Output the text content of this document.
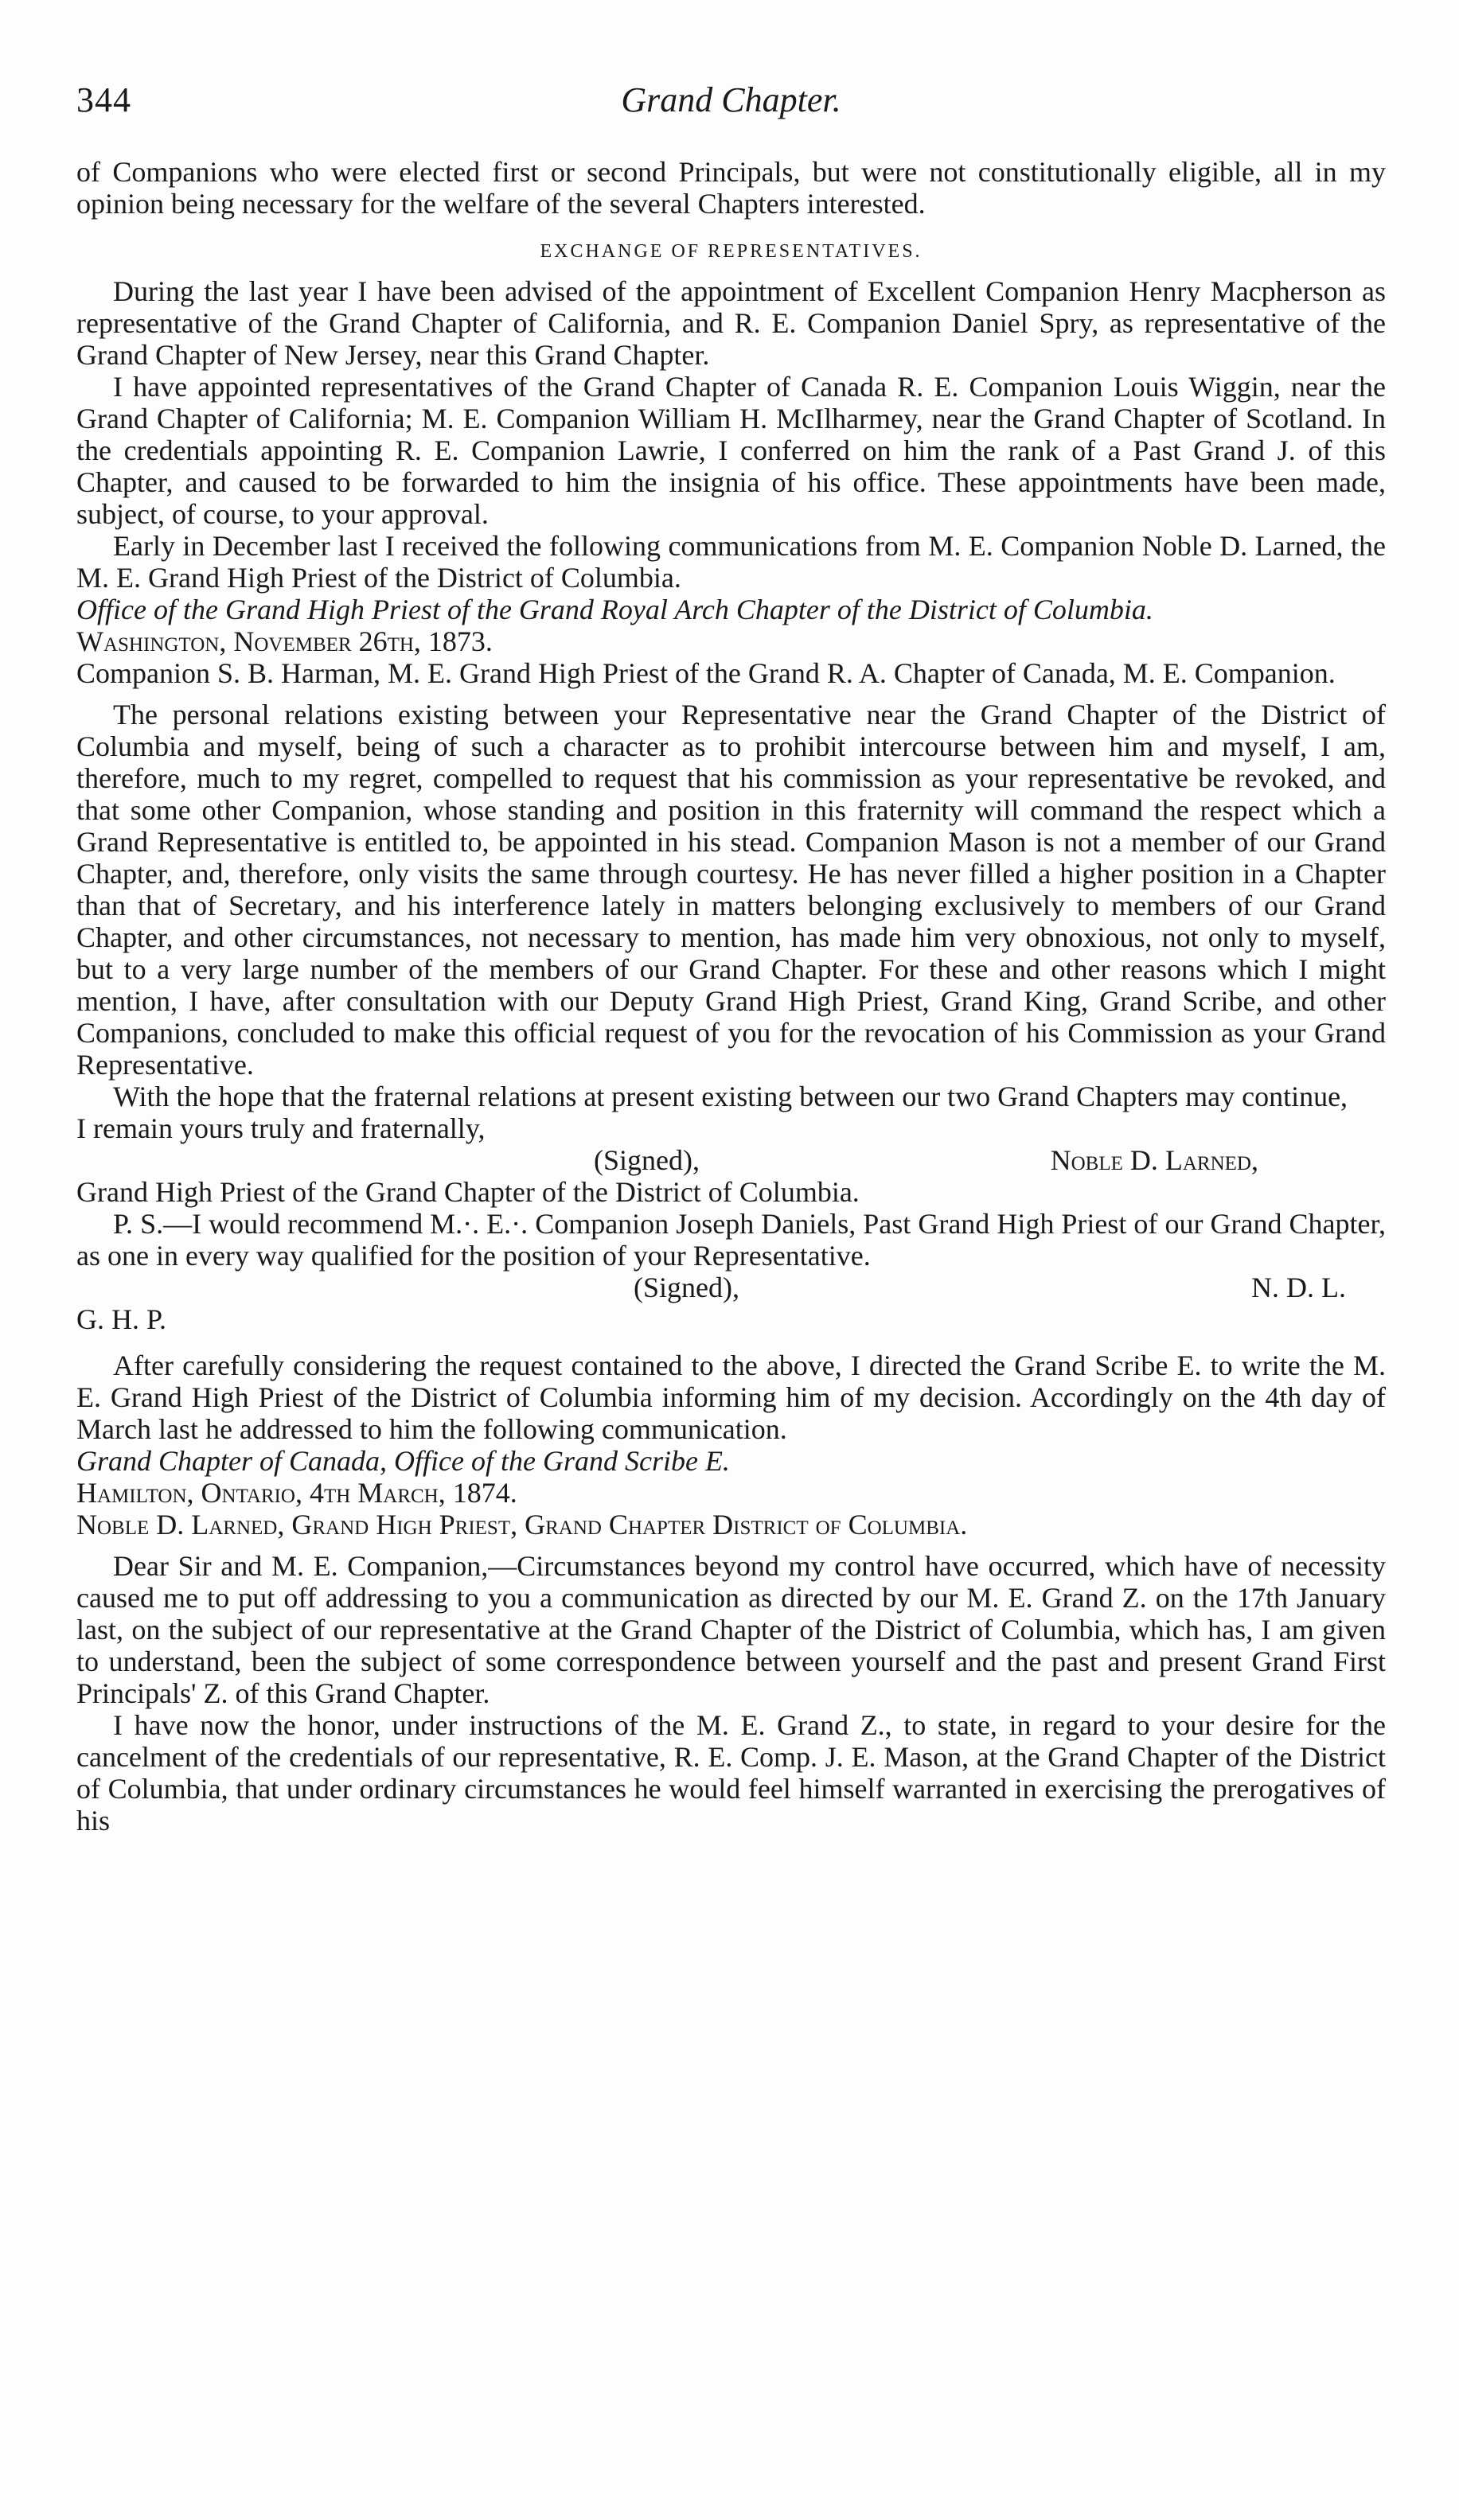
344	Grand Chapter.

of Companions who were elected first or second Principals, but were not constitutionally eligible, all in my opinion being necessary for the welfare of the several Chapters interested.

EXCHANGE OF REPRESENTATIVES.

During the last year I have been advised of the appointment of Excellent Companion Henry Macpherson as representative of the Grand Chapter of California, and R. E. Companion Daniel Spry, as representative of the Grand Chapter of New Jersey, near this Grand Chapter.

I have appointed representatives of the Grand Chapter of Canada R. E. Companion Louis Wiggin, near the Grand Chapter of California; M. E. Companion William H. McIlharmey, near the Grand Chapter of Scotland. In the credentials appointing R. E. Companion Lawrie, I conferred on him the rank of a Past Grand J. of this Chapter, and caused to be forwarded to him the insignia of his office. These appointments have been made, subject, of course, to your approval.

Early in December last I received the following communications from M. E. Companion Noble D. Larned, the M. E. Grand High Priest of the District of Columbia.

Office of the Grand High Priest of the Grand Royal Arch Chapter of the District of Columbia.

Washington, November 26th, 1873.

Companion S. B. Harman, M. E. Grand High Priest of the Grand R. A. Chapter of Canada, M. E. Companion.

The personal relations existing between your Representative near the Grand Chapter of the District of Columbia and myself, being of such a character as to prohibit intercourse between him and myself, I am, therefore, much to my regret, compelled to request that his commission as your representative be revoked, and that some other Companion, whose standing and position in this fraternity will command the respect which a Grand Representative is entitled to, be appointed in his stead. Companion Mason is not a member of our Grand Chapter, and, therefore, only visits the same through courtesy. He has never filled a higher position in a Chapter than that of Secretary, and his interference lately in matters belonging exclusively to members of our Grand Chapter, and other circumstances, not necessary to mention, has made him very obnoxious, not only to myself, but to a very large number of the members of our Grand Chapter. For these and other reasons which I might mention, I have, after consultation with our Deputy Grand High Priest, Grand King, Grand Scribe, and other Companions, concluded to make this official request of you for the revocation of his Commission as your Grand Representative.

With the hope that the fraternal relations at present existing between our two Grand Chapters may continue,

I remain yours truly and fraternally,

(Signed),	Noble D. Larned,

Grand High Priest of the Grand Chapter of the District of Columbia.

P. S.—I would recommend M.·. E.·. Companion Joseph Daniels, Past Grand High Priest of our Grand Chapter, as one in every way qualified for the position of your Representative.

(Signed),	N. D. L.

G. H. P.

After carefully considering the request contained to the above, I directed the Grand Scribe E. to write the M. E. Grand High Priest of the District of Columbia informing him of my decision. Accordingly on the 4th day of March last he addressed to him the following communication.

Grand Chapter of Canada, Office of the Grand Scribe E.

Hamilton, Ontario, 4th March, 1874.

Noble D. Larned, Grand High Priest, Grand Chapter District of Columbia.

Dear Sir and M. E. Companion,—Circumstances beyond my control have occurred, which have of necessity caused me to put off addressing to you a communication as directed by our M. E. Grand Z. on the 17th January last, on the subject of our representative at the Grand Chapter of the District of Columbia, which has, I am given to understand, been the subject of some correspondence between yourself and the past and present Grand First Principals' Z. of this Grand Chapter.

I have now the honor, under instructions of the M. E. Grand Z., to state, in regard to your desire for the cancelment of the credentials of our representative, R. E. Comp. J. E. Mason, at the Grand Chapter of the District of Columbia, that under ordinary circumstances he would feel himself warranted in exercising the prerogatives of his
